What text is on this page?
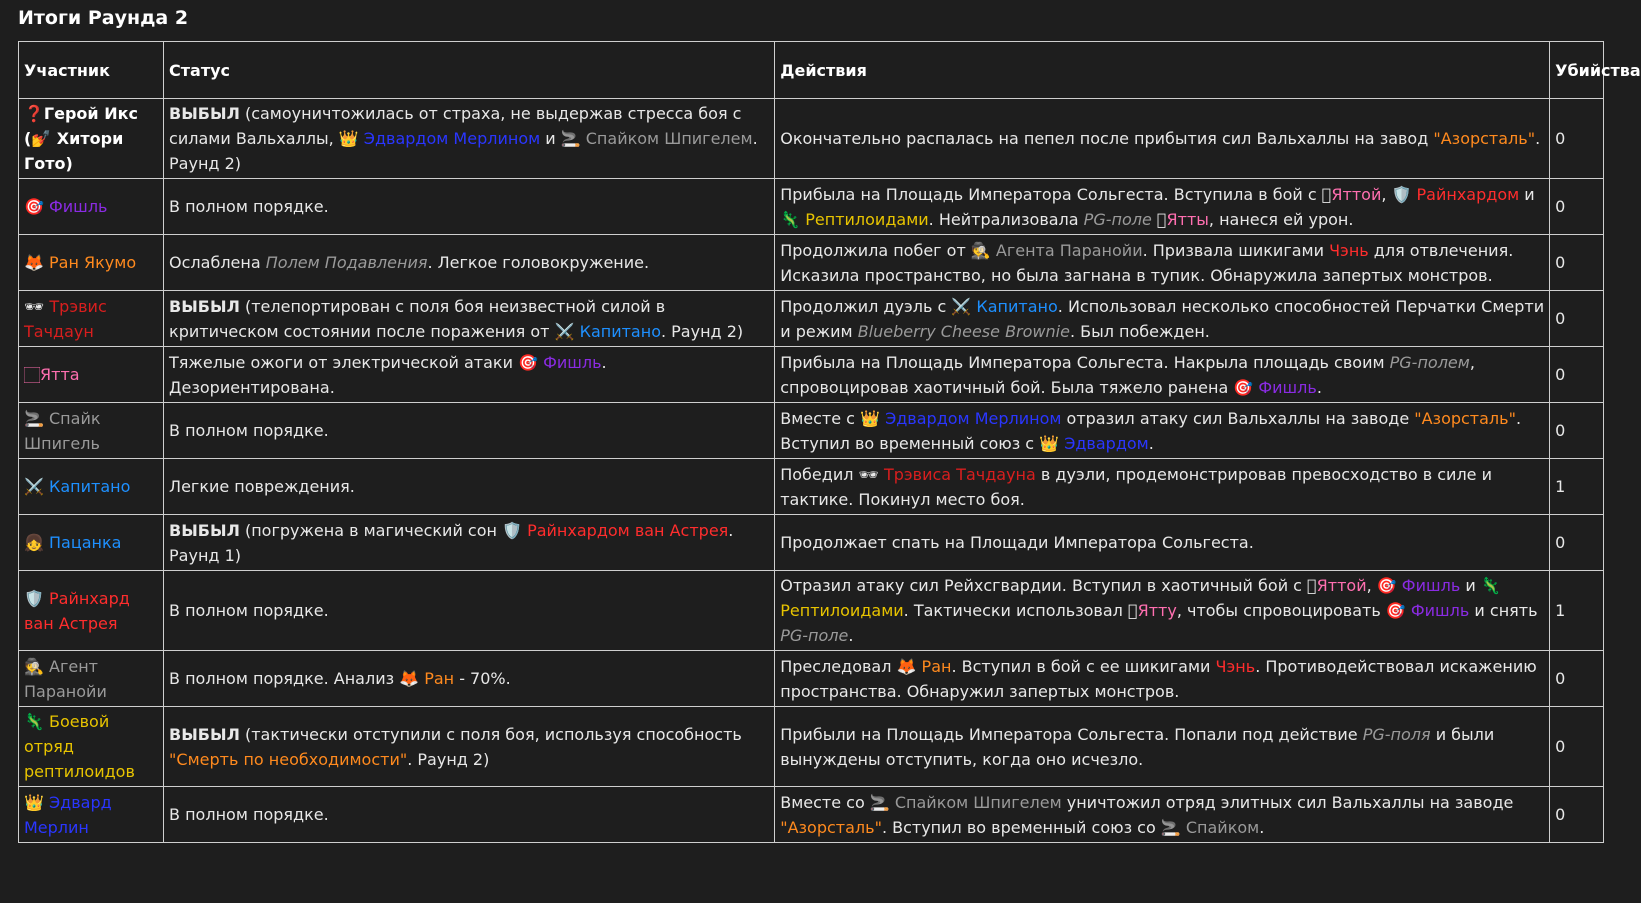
Итоги Раунда 2
Участник	Статус	Действия	Убийства
❓Герой Икс (💅 Хитори Гото)	ВЫБЫЛ (самоуничтожилась от страха, не выдержав стресса боя с силами Вальхаллы, 👑 Эдвардом Мерлином и 🚬 Спайком Шпигелем. Раунд 2)	Окончательно распалась на пепел после прибытия сил Вальхаллы на завод "Азорсталь".	0
🎯 Фишль	В полном порядке.	Прибыла на Площадь Императора Сольгеста. Вступила в бой с 🏻Яттой, 🛡️ Райнхардом и 🦎 Рептилоидами. Нейтрализовала PG-поле 🏻Ятты, нанеся ей урон.	0
🦊 Ран Якумо	Ослаблена Полем Подавления. Легкое головокружение.	Продолжила побег от 🕵 Агента Паранойи. Призвала шикигами Чэнь для отвлечения. Исказила пространство, но была загнана в тупик. Обнаружила запертых монстров.	0
🕶 Трэвис Тачдаун	ВЫБЫЛ (телепортирован с поля боя неизвестной силой в критическом состоянии после поражения от ⚔️ Капитано. Раунд 2)	Продолжил дуэль с ⚔️ Капитано. Использовал несколько способностей Перчатки Смерти и режим Blueberry Cheese Brownie. Был побежден.	0
🏻Ятта	Тяжелые ожоги от электрической атаки 🎯 Фишль. Дезориентирована.	Прибыла на Площадь Императора Сольгеста. Накрыла площадь своим PG-полем, спровоцировав хаотичный бой. Была тяжело ранена 🎯 Фишль.	0
🚬 Спайк Шпигель	В полном порядке.	Вместе с 👑 Эдвардом Мерлином отразил атаку сил Вальхаллы на заводе "Азорсталь". Вступил во временный союз с 👑 Эдвардом.	0
⚔️ Капитано	Легкие повреждения.	Победил 🕶 Трэвиса Тачдауна в дуэли, продемонстрировав превосходство в силе и тактике. Покинул место боя.	1
👧 Пацанка	ВЫБЫЛ (погружена в магический сон 🛡️ Райнхардом ван Астрея. Раунд 1)	Продолжает спать на Площади Императора Сольгеста.	0
🛡️ Райнхард ван Астрея	В полном порядке.	Отразил атаку сил Рейхсгвардии. Вступил в хаотичный бой с 🏻Яттой, 🎯 Фишль и 🦎 Рептилоидами. Тактически использовал 🏻Ятту, чтобы спровоцировать 🎯 Фишль и снять PG-поле.	1
🕵 Агент Паранойи	В полном порядке. Анализ 🦊 Ран - 70%.	Преследовал 🦊 Ран. Вступил в бой с ее шикигами Чэнь. Противодействовал искажению пространства. Обнаружил запертых монстров.	0
🦎 Боевой отряд рептилоидов	ВЫБЫЛ (тактически отступили с поля боя, используя способность "Смерть по необходимости". Раунд 2)	Прибыли на Площадь Императора Сольгеста. Попали под действие PG-поля и были вынуждены отступить, когда оно исчезло.	0
👑 Эдвард Мерлин	В полном порядке.	Вместе со 🚬 Спайком Шпигелем уничтожил отряд элитных сил Вальхаллы на заводе "Азорсталь". Вступил во временный союз со 🚬 Спайком.	0
